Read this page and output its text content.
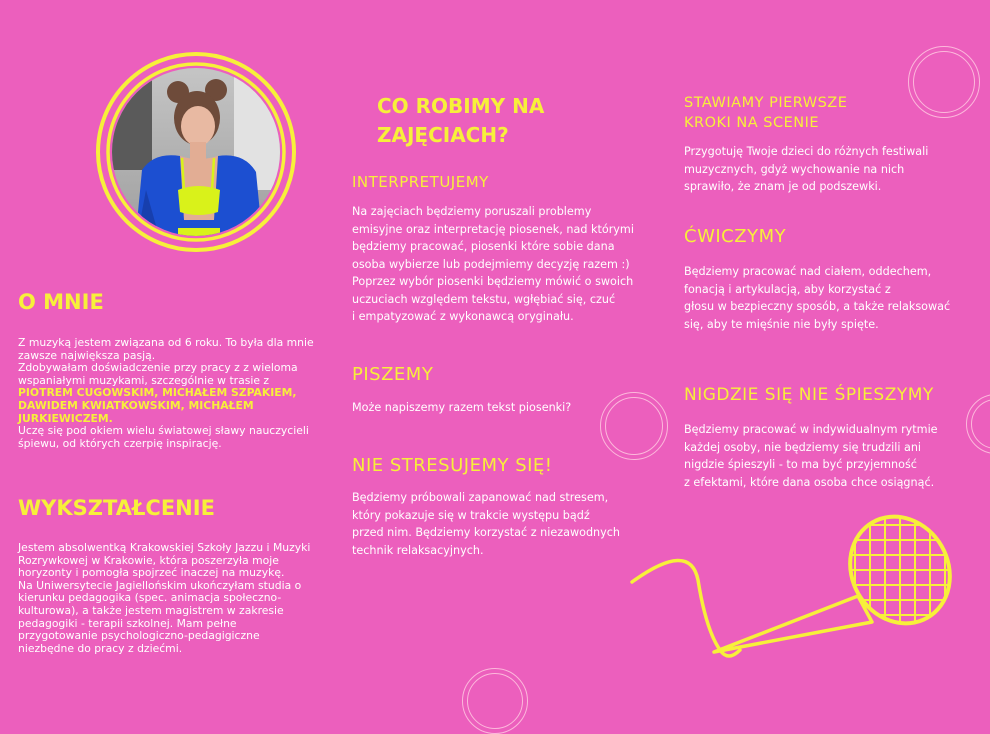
O MNIE

Z muzyką jestem związana od 6 roku. To była dla mnie zawsze największa pasją.

Zdobywałam doświadczenie przy pracy z z wieloma wspaniałymi muzykami, szczególnie w trasie z

PIOTREM CUGOWSKIM, MICHAŁEM SZPAKIEM, DAWIDEM KWIATKOWSKIM, MICHAŁEM JURKIEWICZEM.

Uczę się pod okiem wielu światowej sławy nauczycieli śpiewu, od których czerpię inspirację.

WYKSZTAŁCENIE

Jestem absolwentką Krakowskiej Szkoły Jazzu i Muzyki Rozrywkowej w Krakowie, która poszerzyła moje horyzonty i pomogła spojrzeć inaczej na muzykę.

Na Uniwersytecie Jagiellońskim ukończyłam studia o kierunku pedagogika (spec. animacja społeczno-kulturowa), a także jestem magistrem w zakresie pedagogiki - terapii szkolnej. Mam pełne przygotowanie psychologiczno-pedagigiczne niezbędne do pracy z dziećmi.

CO ROBIMY NA ZAJĘCIACH?
INTERPRETUJEMY

Na zajęciach będziemy poruszali problemy
emisyjne oraz interpretację piosenek, nad którymi
będziemy pracować, piosenki które sobie dana
osoba wybierze lub podejmiemy decyzję razem :)
Poprzez wybór piosenki będziemy mówić o swoich
uczuciach względem tekstu, wgłębiać się, czuć
i empatyzować z wykonawcą oryginału.

PISZEMY

Może napiszemy razem tekst piosenki?

NIE STRESUJEMY SIĘ!

Będziemy próbowali zapanować nad stresem,
który pokazuje się w trakcie występu bądź
przed nim. Będziemy korzystać z niezawodnych
technik relaksacyjnych.

STAWIAMY PIERWSZE
KROKI NA SCENIE

Przygotuję Twoje dzieci do różnych festiwali
muzycznych, gdyż wychowanie na nich
sprawiło, że znam je od podszewki.

ĆWICZYMY

Będziemy pracować nad ciałem, oddechem,
fonacją i artykulacją, aby korzystać z
głosu w bezpieczny sposób, a także relaksować
się, aby te mięśnie nie były spięte.

NIGDZIE SIĘ NIE ŚPIESZYMY

Będziemy pracować w indywidualnym rytmie
każdej osoby, nie będziemy się trudzili ani
nigdzie śpieszyli - to ma być przyjemność
z efektami, które dana osoba chce osiągnąć.
